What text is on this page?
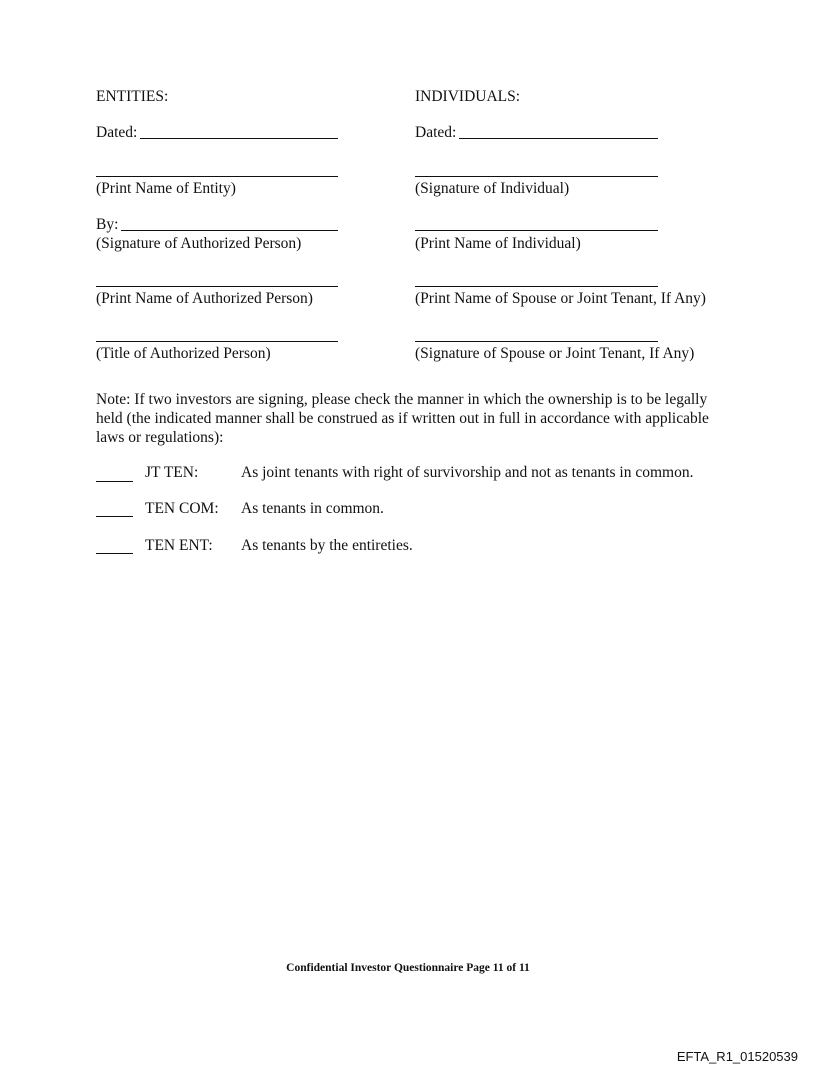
ENTITIES:
Dated:
(Print Name of Entity)
By:
(Signature of Authorized Person)
(Print Name of Authorized Person)
(Title of Authorized Person)
INDIVIDUALS:
Dated:
(Signature of Individual)
(Print Name of Individual)
(Print Name of Spouse or Joint Tenant, If Any)
(Signature of Spouse or Joint Tenant, If Any)
Note: If two investors are signing, please check the manner in which the ownership is to be legally held (the indicated manner shall be construed as if written out in full in accordance with applicable laws or regulations):
JT TEN:	As joint tenants with right of survivorship and not as tenants in common.
TEN COM: As tenants in common.
TEN ENT: As tenants by the entireties.
Confidential Investor Questionnaire Page 11 of 11
EFTA_R1_01520539
